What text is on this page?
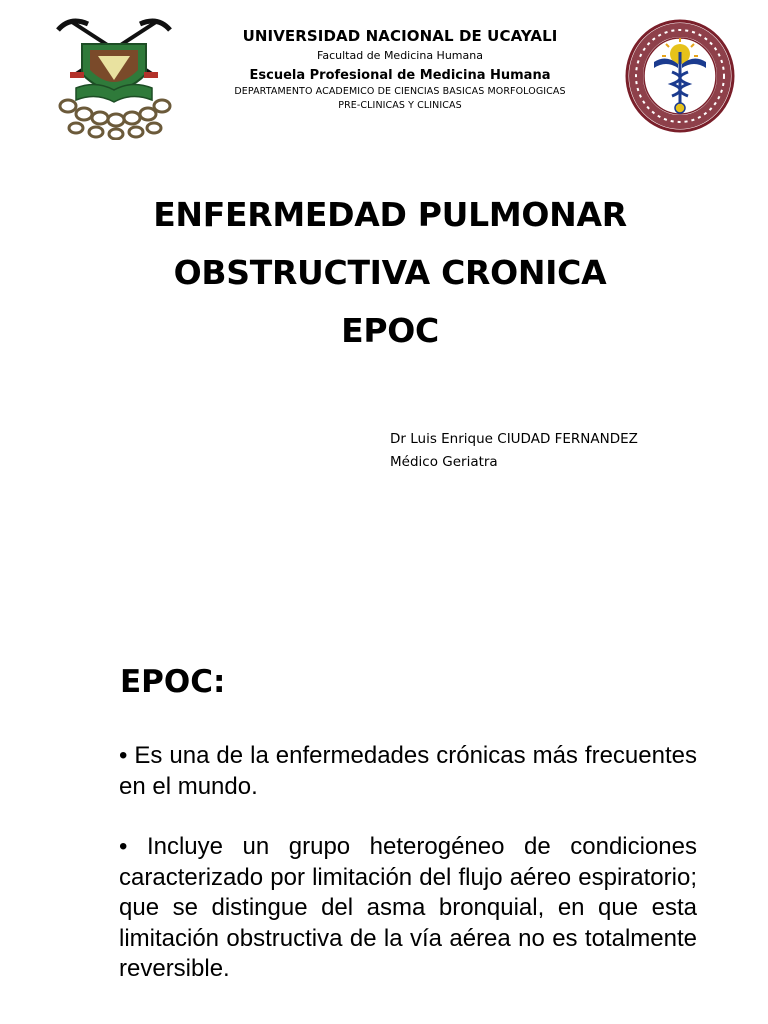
UNIVERSIDAD NACIONAL DE UCAYALI
Facultad de Medicina Humana
Escuela Profesional de Medicina Humana
DEPARTAMENTO ACADEMICO DE CIENCIAS BASICAS MORFOLOGICAS
PRE-CLINICAS Y CLINICAS
ENFERMEDAD PULMONAR
OBSTRUCTIVA CRONICA
EPOC
Dr Luis Enrique CIUDAD FERNANDEZ
Médico Geriatra
EPOC:

• Es una de la enfermedades crónicas más frecuentes en el mundo.

• Incluye un grupo heterogéneo de condiciones caracterizado por limitación del flujo aéreo espiratorio; que se distingue del asma bronquial, en que esta limitación obstructiva de la vía aérea no es totalmente reversible.
